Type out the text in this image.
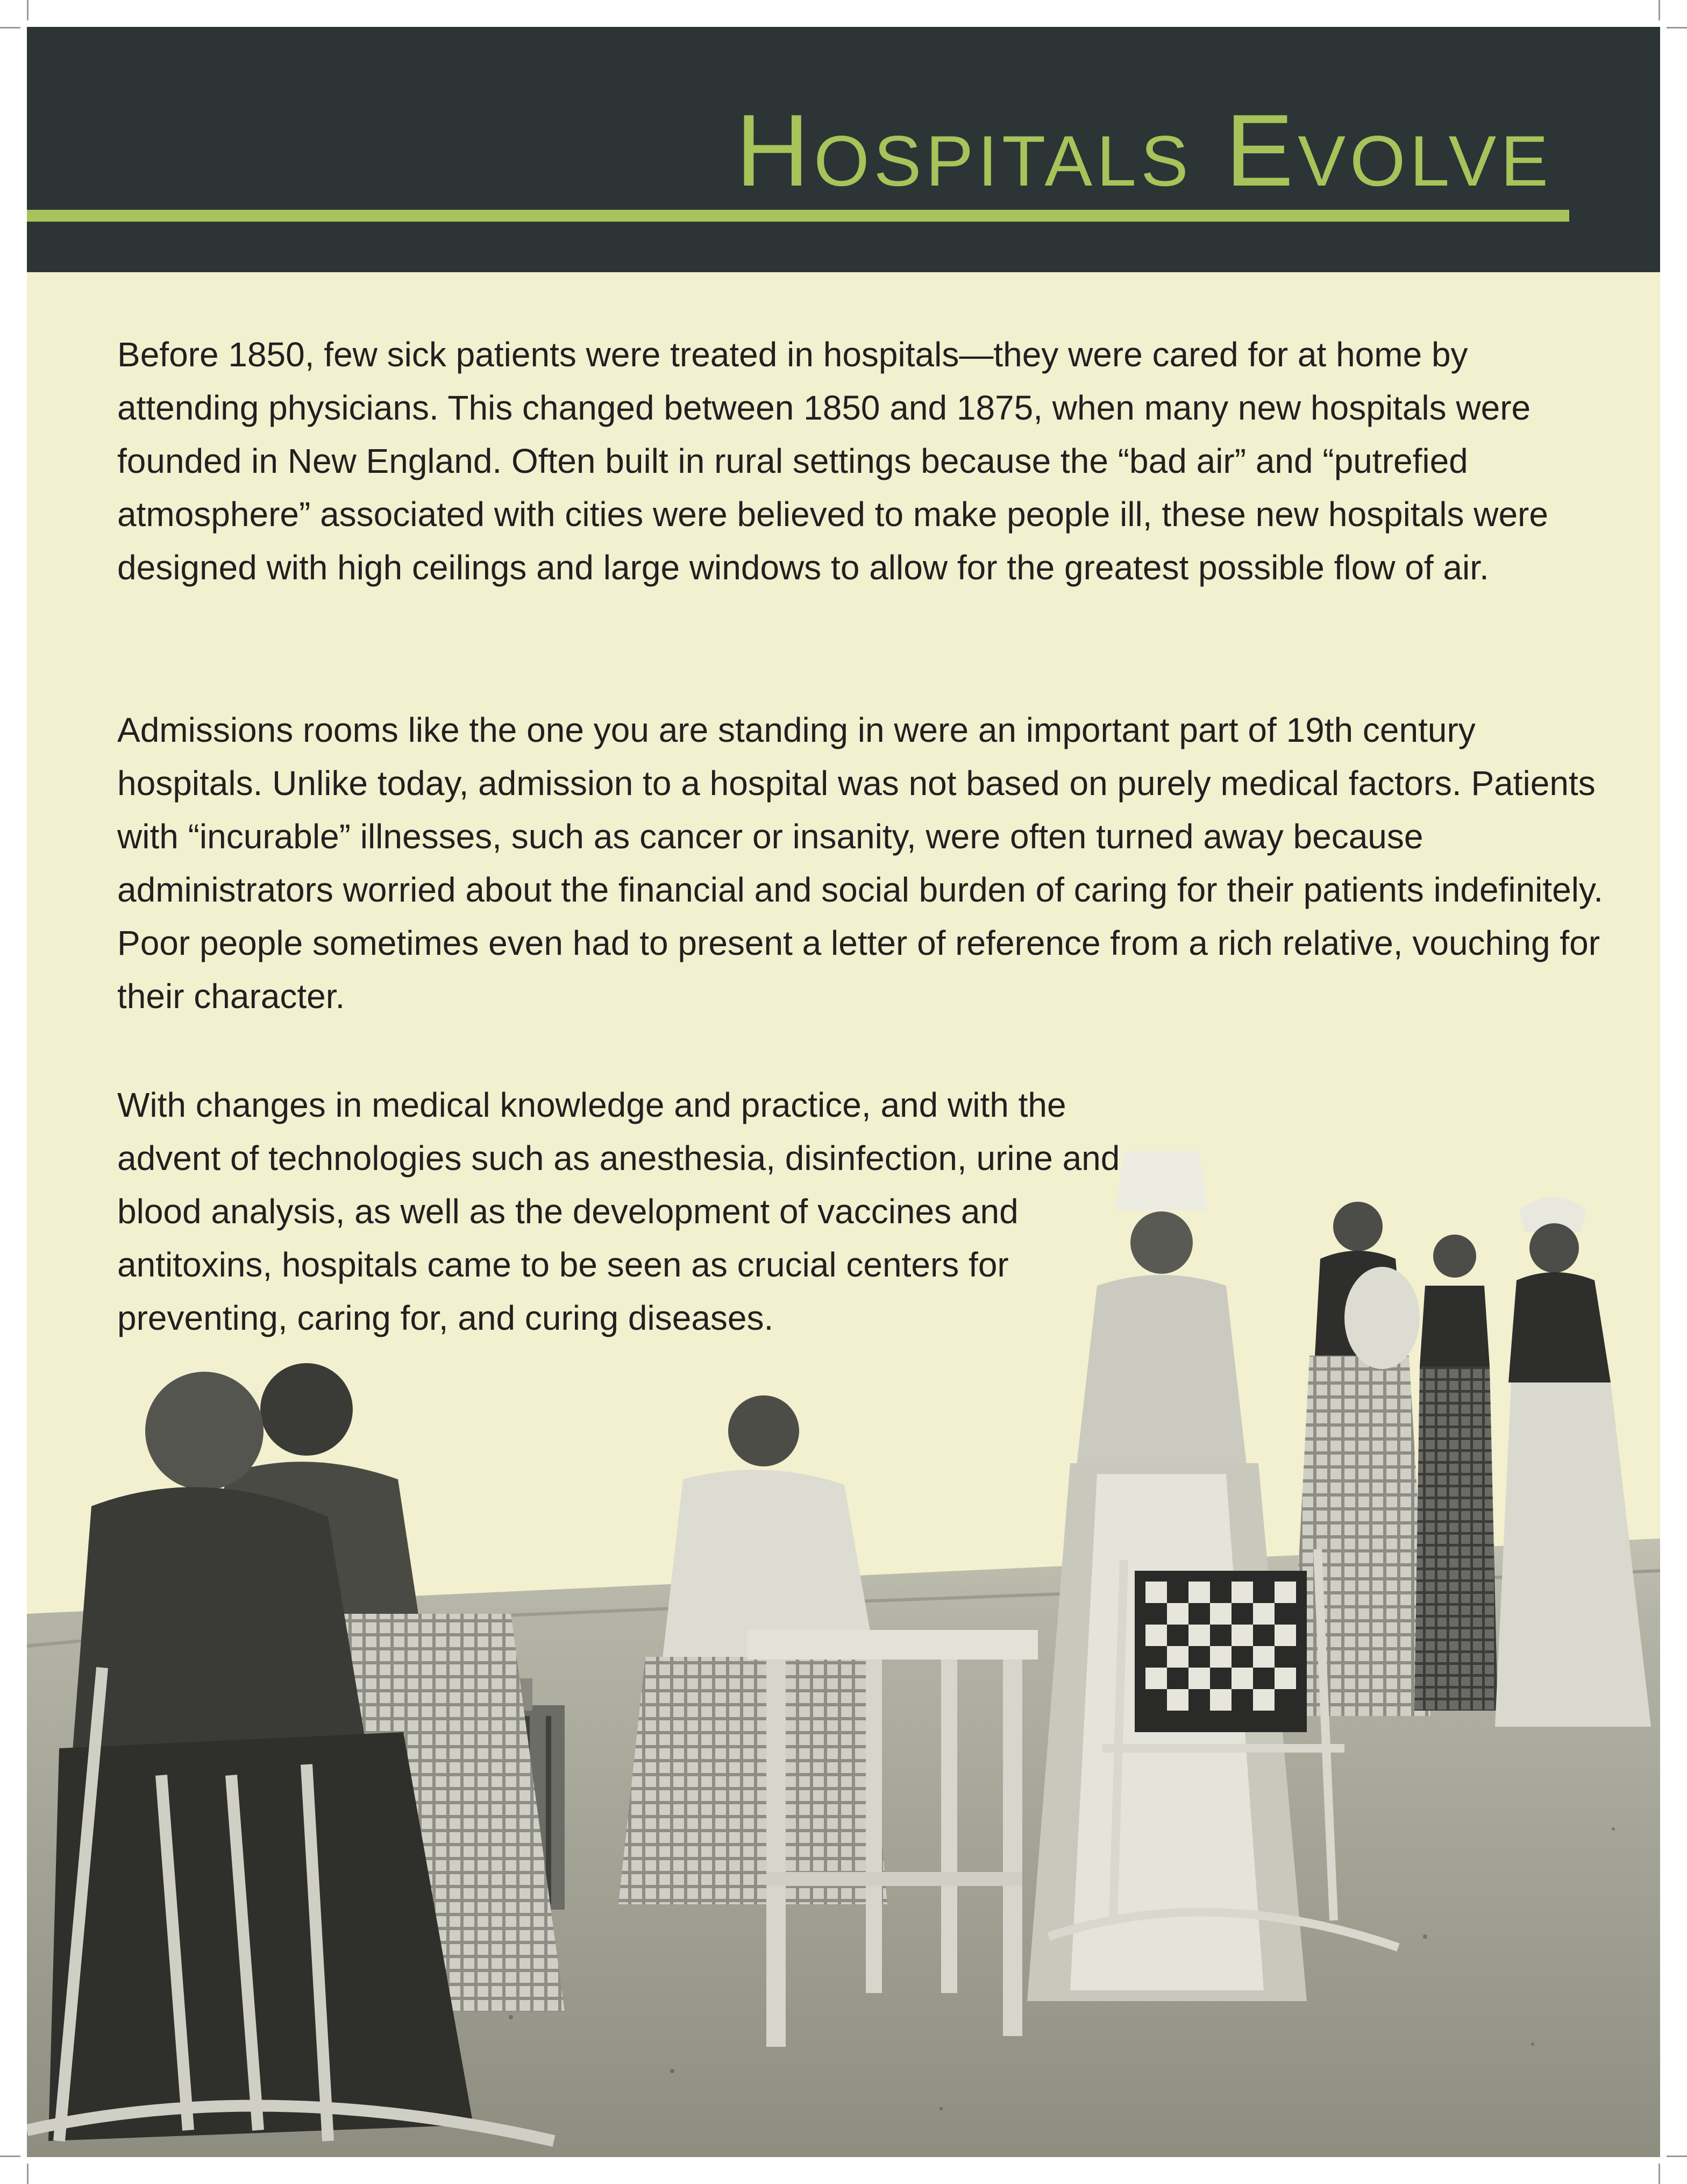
Hospitals Evolve

Before 1850, few sick patients were treated in hospitals—they were cared for at home by attending physicians. This changed between 1850 and 1875, when many new hospitals were founded in New England. Often built in rural settings because the “bad air” and “putrefied atmosphere” associated with cities were believed to make people ill, these new hospitals were designed with high ceilings and large windows to allow for the greatest possible flow of air.

Admissions rooms like the one you are standing in were an important part of 19th century hospitals. Unlike today, admission to a hospital was not based on purely medical factors. Patients with “incurable” illnesses, such as cancer or insanity, were often turned away because administrators worried about the financial and social burden of caring for their patients indefinitely. Poor people sometimes even had to present a letter of reference from a rich relative, vouching for their character.

With changes in medical knowledge and practice, and with the advent of technologies such as anesthesia, disinfection, urine and blood analysis, as well as the development of vaccines and antitoxins, hospitals came to be seen as crucial centers for preventing, caring for, and curing diseases.
